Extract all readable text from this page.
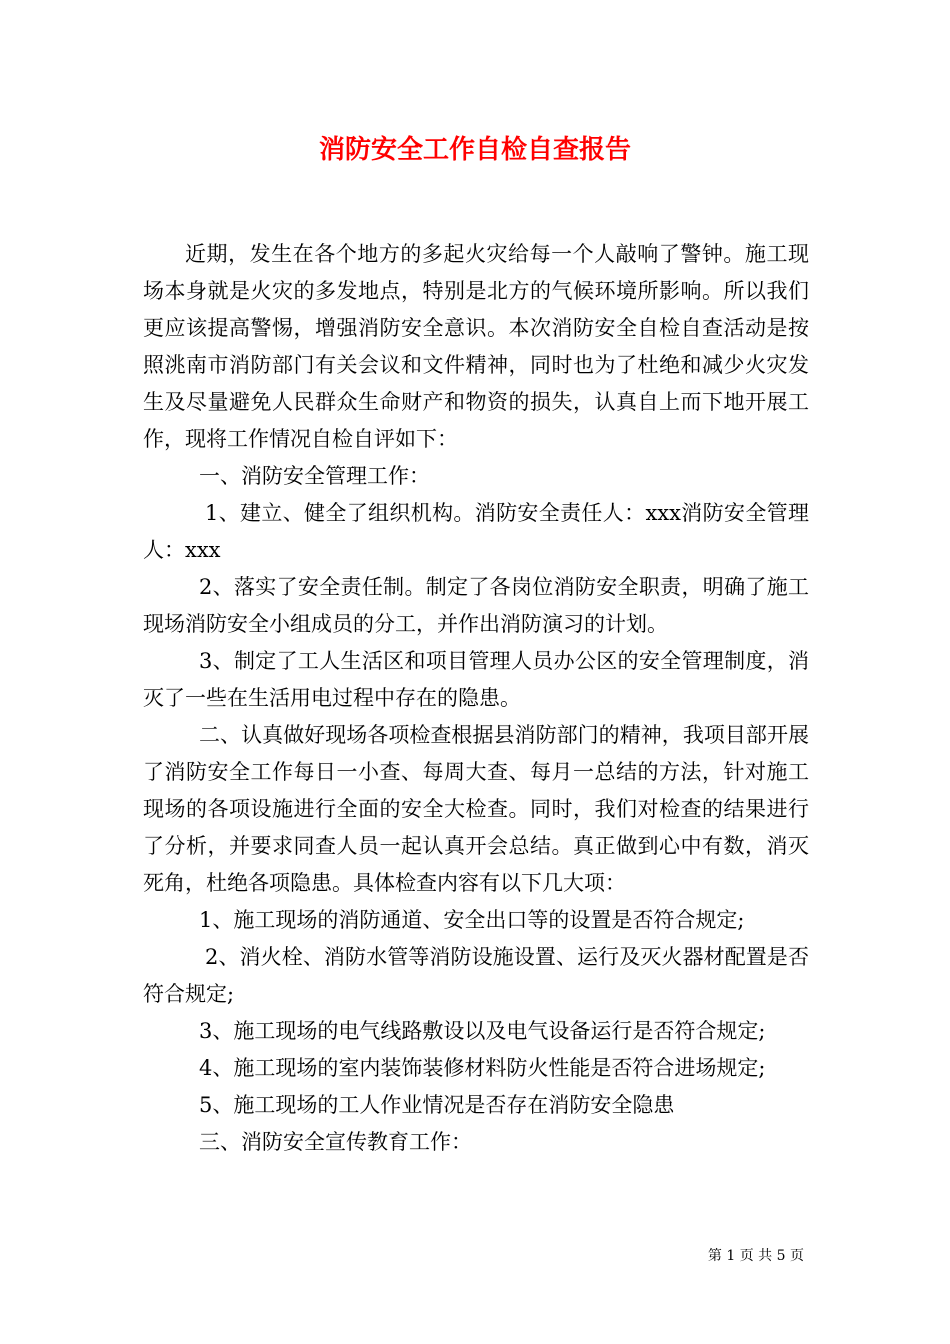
消防安全工作自检自查报告

近期，发生在各个地方的多起火灾给每一个人敲响了警钟。施工现场本身就是火灾的多发地点，特别是北方的气候环境所影响。所以我们更应该提高警惕，增强消防安全意识。本次消防安全自检自查活动是按照洮南市消防部门有关会议和文件精神，同时也为了杜绝和减少火灾发生及尽量避免人民群众生命财产和物资的损失，认真自上而下地开展工作，现将工作情况自检自评如下：

一、消防安全管理工作：

1、建立、健全了组织机构。消防安全责任人：xxx消防安全管理人：xxx

2、落实了安全责任制。制定了各岗位消防安全职责，明确了施工现场消防安全小组成员的分工，并作出消防演习的计划。

3、制定了工人生活区和项目管理人员办公区的安全管理制度，消灭了一些在生活用电过程中存在的隐患。

二、认真做好现场各项检查根据县消防部门的精神，我项目部开展了消防安全工作每日一小查、每周大查、每月一总结的方法，针对施工现场的各项设施进行全面的安全大检查。同时，我们对检查的结果进行了分析，并要求同查人员一起认真开会总结。真正做到心中有数，消灭死角，杜绝各项隐患。具体检查内容有以下几大项：

1、施工现场的消防通道、安全出口等的设置是否符合规定;

2、消火栓、消防水管等消防设施设置、运行及灭火器材配置是否符合规定;

3、施工现场的电气线路敷设以及电气设备运行是否符合规定;

4、施工现场的室内装饰装修材料防火性能是否符合进场规定;

5、施工现场的工人作业情况是否存在消防安全隐患

三、消防安全宣传教育工作：

第 1 页 共 5 页
